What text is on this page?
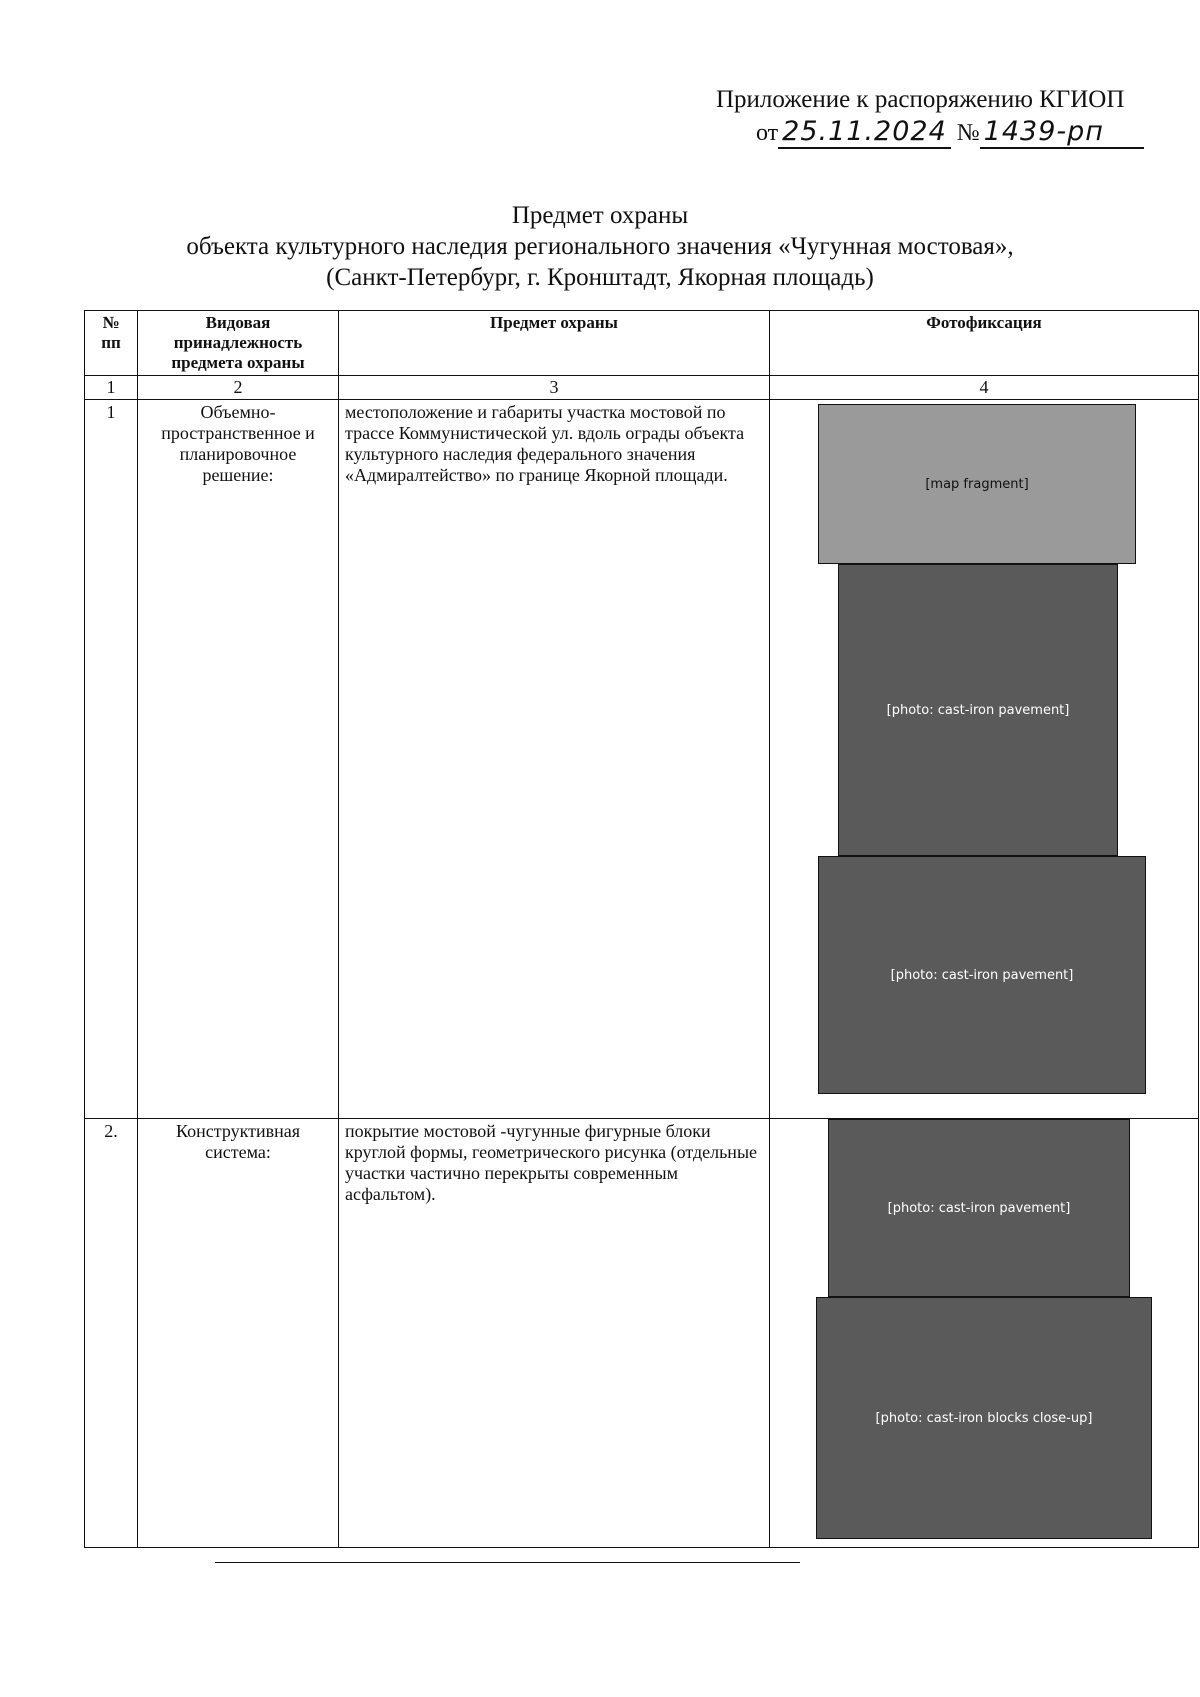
Приложение к распоряжению КГИОП
от 25.11.2024 № 1439-рп
Предмет охраны
объекта культурного наследия регионального значения «Чугунная мостовая»,
(Санкт-Петербург, г. Кронштадт, Якорная площадь)
№ пп	Видовая принадлежность предмета охраны	Предмет охраны	Фотофиксация
1	2	3	4
1	Объемно-пространственное и планировочное решение:	местоположение и габариты участка мостовой по трассе Коммунистической ул. вдоль ограды объекта культурного наследия федерального значения «Адмиралтейство» по границе Якорной площади.	[map fragment]
[photo: cast-iron pavement]
[photo: cast-iron pavement]

2.	Конструктивная система:	покрытие мостовой -чугунные фигурные блоки круглой формы, геометрического рисунка (отдельные участки частично перекрыты современным асфальтом).	[photo: cast-iron pavement]
[photo: cast-iron blocks close-up]
